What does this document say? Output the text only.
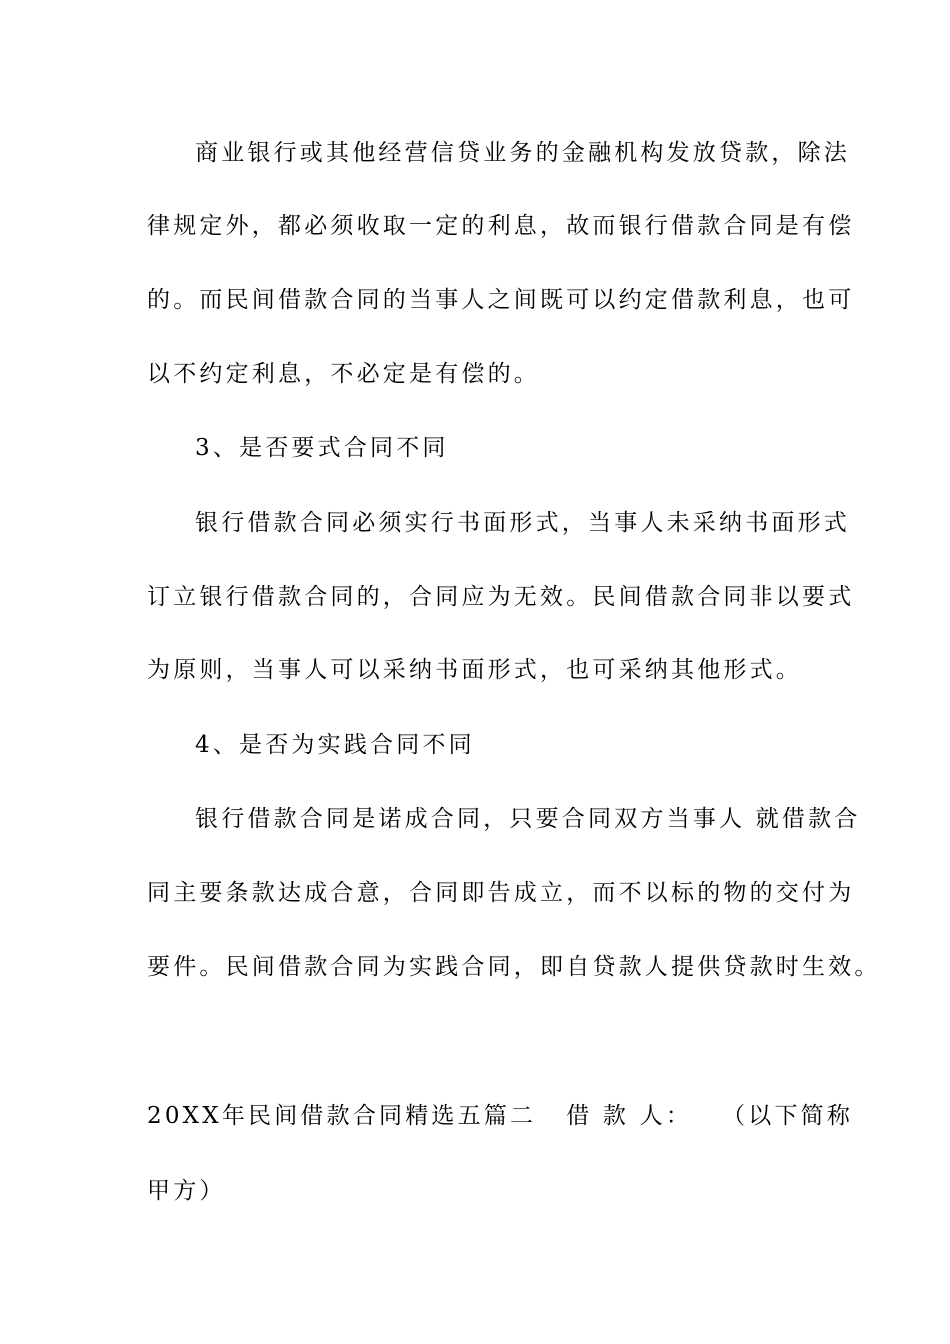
商业银行或其他经营信贷业务的金融机构发放贷款，除法
律规定外，都必须收取一定的利息，故而银行借款合同是有偿
的。而民间借款合同的当事人之间既可以约定借款利息，也可
以不约定利息，不必定是有偿的。
3、是否要式合同不同
银行借款合同必须实行书面形式，当事人未采纳书面形式
订立银行借款合同的，合同应为无效。民间借款合同非以要式
为原则，当事人可以采纳书面形式，也可采纳其他形式。
4、是否为实践合同不同
银行借款合同是诺成合同，只要合同双方当事人 就借款合
同主要条款达成合意，合同即告成立，而不以标的物的交付为
要件。民间借款合同为实践合同，即自贷款人提供贷款时生效。
20XX年民间借款合同精选五篇二 借 款 人： （以下简称
甲方）
